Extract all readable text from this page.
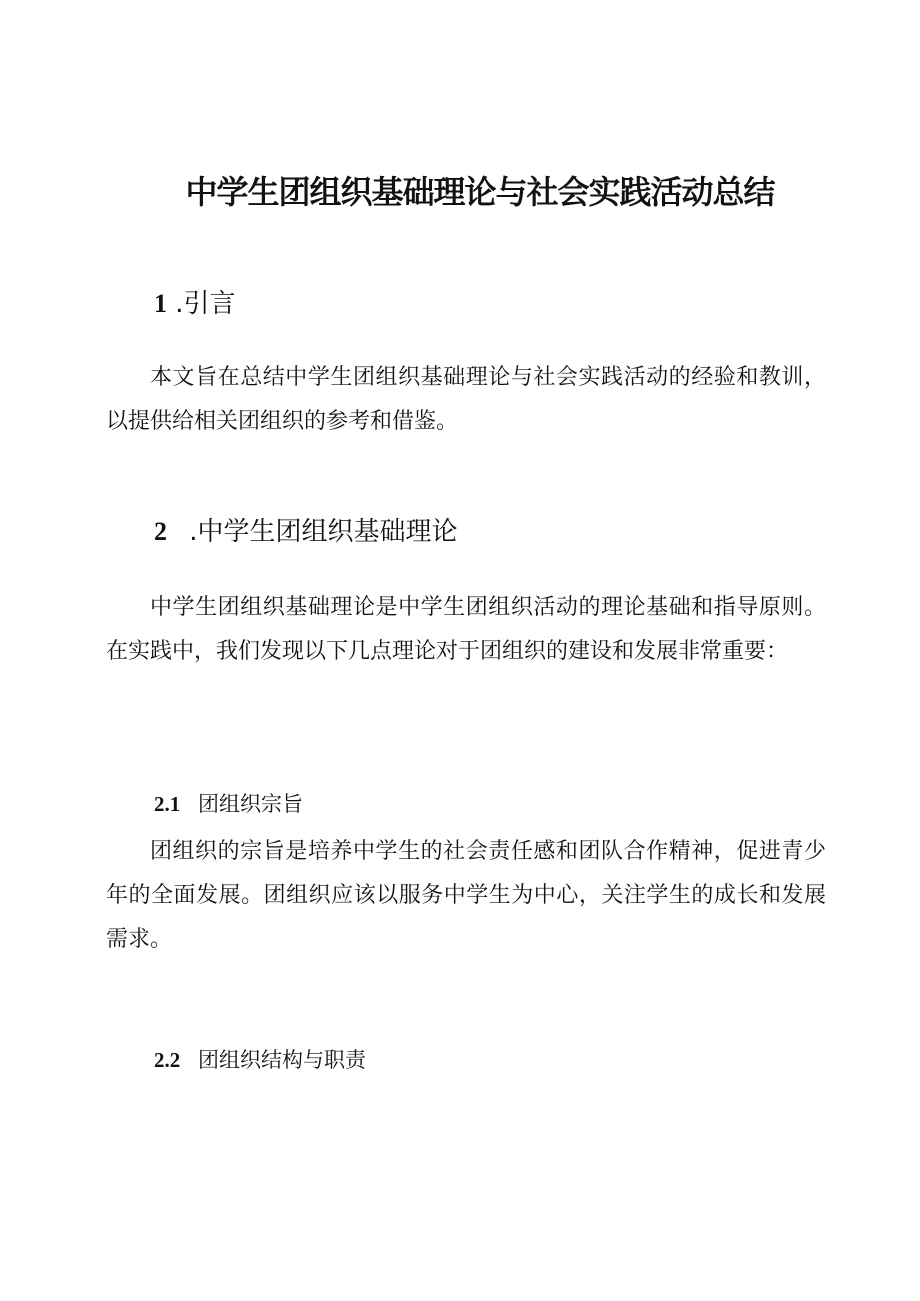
中学生团组织基础理论与社会实践活动总结
1 .引言

本文旨在总结中学生团组织基础理论与社会实践活动的经验和教训，以提供给相关团组织的参考和借鉴。

2 .中学生团组织基础理论

中学生团组织基础理论是中学生团组织活动的理论基础和指导原则。在实践中，我们发现以下几点理论对于团组织的建设和发展非常重要：

2.1 团组织宗旨

团组织的宗旨是培养中学生的社会责任感和团队合作精神，促进青少年的全面发展。团组织应该以服务中学生为中心，关注学生的成长和发展需求。

2.2 团组织结构与职责
